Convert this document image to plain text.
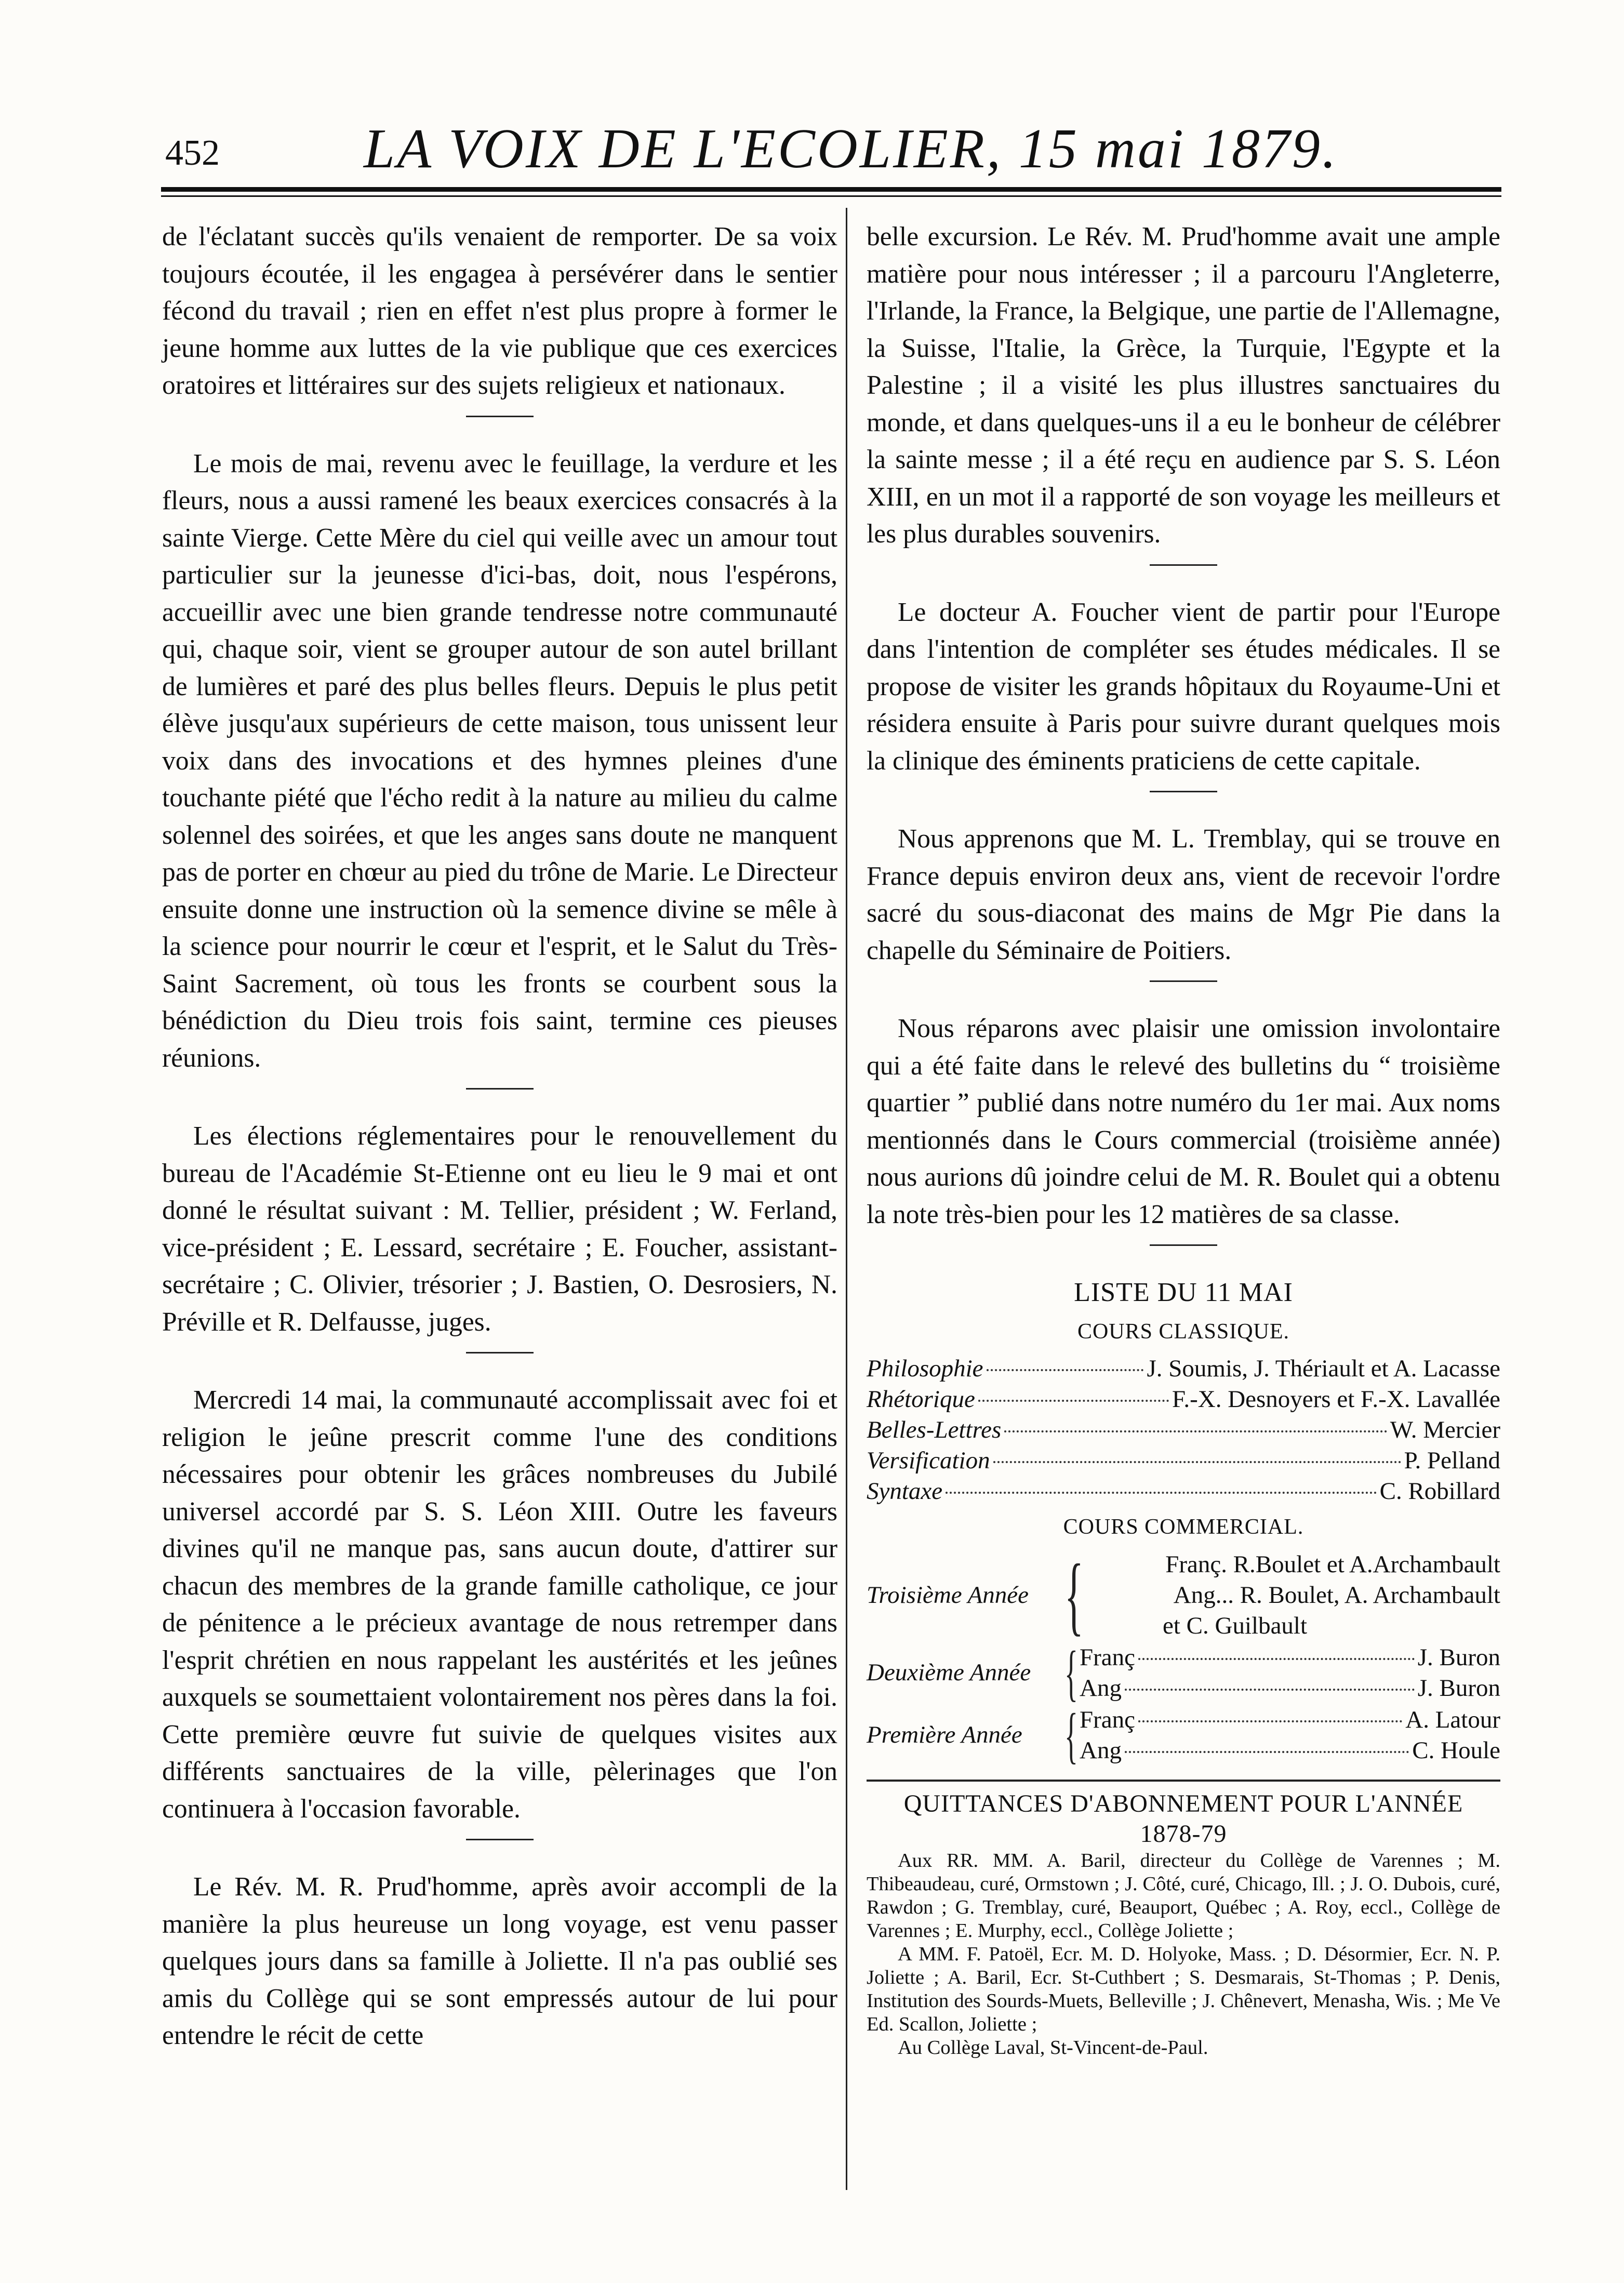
452	LA VOIX DE L'ECOLIER, 15 mai 1879.

de l'éclatant succès qu'ils venaient de remporter. De sa voix toujours écoutée, il les engagea à persévérer dans le sentier fécond du travail ; rien en effet n'est plus propre à former le jeune homme aux luttes de la vie publique que ces exercices oratoires et littéraires sur des sujets religieux et nationaux.

Le mois de mai, revenu avec le feuillage, la verdure et les fleurs, nous a aussi ramené les beaux exercices consacrés à la sainte Vierge. Cette Mère du ciel qui veille avec un amour tout particulier sur la jeunesse d'ici-bas, doit, nous l'espérons, accueillir avec une bien grande tendresse notre communauté qui, chaque soir, vient se grouper autour de son autel brillant de lumières et paré des plus belles fleurs. Depuis le plus petit élève jusqu'aux supérieurs de cette maison, tous unissent leur voix dans des invocations et des hymnes pleines d'une touchante piété que l'écho redit à la nature au milieu du calme solennel des soirées, et que les anges sans doute ne manquent pas de porter en chœur au pied du trône de Marie. Le Directeur ensuite donne une instruction où la semence divine se mêle à la science pour nourrir le cœur et l'esprit, et le Salut du Très-Saint Sacrement, où tous les fronts se courbent sous la bénédiction du Dieu trois fois saint, termine ces pieuses réunions.

Les élections réglementaires pour le renouvellement du bureau de l'Académie St-Etienne ont eu lieu le 9 mai et ont donné le résultat suivant : M. Tellier, président ; W. Ferland, vice-président ; E. Lessard, secrétaire ; E. Foucher, assistant-secrétaire ; C. Olivier, trésorier ; J. Bastien, O. Desrosiers, N. Préville et R. Delfausse, juges.

Mercredi 14 mai, la communauté accomplissait avec foi et religion le jeûne prescrit comme l'une des conditions nécessaires pour obtenir les grâces nombreuses du Jubilé universel accordé par S. S. Léon XIII. Outre les faveurs divines qu'il ne manque pas, sans aucun doute, d'attirer sur chacun des membres de la grande famille catholique, ce jour de pénitence a le précieux avantage de nous retremper dans l'esprit chrétien en nous rappelant les austérités et les jeûnes auxquels se soumettaient volontairement nos pères dans la foi. Cette première œuvre fut suivie de quelques visites aux différents sanctuaires de la ville, pèlerinages que l'on continuera à l'occasion favorable.

Le Rév. M. R. Prud'homme, après avoir accompli de la manière la plus heureuse un long voyage, est venu passer quelques jours dans sa famille à Joliette. Il n'a pas oublié ses amis du Collège qui se sont empressés autour de lui pour entendre le récit de cette

belle excursion. Le Rév. M. Prud'homme avait une ample matière pour nous intéresser ; il a parcouru l'Angleterre, l'Irlande, la France, la Belgique, une partie de l'Allemagne, la Suisse, l'Italie, la Grèce, la Turquie, l'Egypte et la Palestine ; il a visité les plus illustres sanctuaires du monde, et dans quelques-uns il a eu le bonheur de célébrer la sainte messe ; il a été reçu en audience par S. S. Léon XIII, en un mot il a rapporté de son voyage les meilleurs et les plus durables souvenirs.

Le docteur A. Foucher vient de partir pour l'Europe dans l'intention de compléter ses études médicales. Il se propose de visiter les grands hôpitaux du Royaume-Uni et résidera ensuite à Paris pour suivre durant quelques mois la clinique des éminents praticiens de cette capitale.

Nous apprenons que M. L. Tremblay, qui se trouve en France depuis environ deux ans, vient de recevoir l'ordre sacré du sous-diaconat des mains de Mgr Pie dans la chapelle du Séminaire de Poitiers.

Nous réparons avec plaisir une omission involontaire qui a été faite dans le relevé des bulletins du “ troisième quartier ” publié dans notre numéro du 1er mai. Aux noms mentionnés dans le Cours commercial (troisième année) nous aurions dû joindre celui de M. R. Boulet qui a obtenu la note très-bien pour les 12 matières de sa classe.

LISTE DU 11 MAI
COURS CLASSIQUE.
Philosophie	J. Soumis, J. Thériault et A. Lacasse
Rhétorique	F.-X. Desnoyers et F.-X. Lavallée
Belles-Lettres	W. Mercier
Versification	P. Pelland
Syntaxe	C. Robillard
COURS COMMERCIAL.
Troisième Année {	Franç. R.Boulet et A.Archambault
Ang... R. Boulet, A. Archambault
et C. Guilbault
Deuxième Année { Franç	J. Buron
Ang	J. Buron
Première Année { Franç	A. Latour
Ang	C. Houle
QUITTANCES D'ABONNEMENT POUR L'ANNÉE
1878-79

Aux RR. MM. A. Baril, directeur du Collège de Varennes ; M. Thibeaudeau, curé, Ormstown ; J. Côté, curé, Chicago, Ill. ; J. O. Dubois, curé, Rawdon ; G. Tremblay, curé, Beauport, Québec ; A. Roy, eccl., Collège de Varennes ; E. Murphy, eccl., Collège Joliette ;

A MM. F. Patoël, Ecr. M. D. Holyoke, Mass. ; D. Désormier, Ecr. N. P. Joliette ; A. Baril, Ecr. St-Cuthbert ; S. Desmarais, St-Thomas ; P. Denis, Institution des Sourds-Muets, Belleville ; J. Chênevert, Menasha, Wis. ; Me Ve Ed. Scallon, Joliette ;

Au Collège Laval, St-Vincent-de-Paul.
